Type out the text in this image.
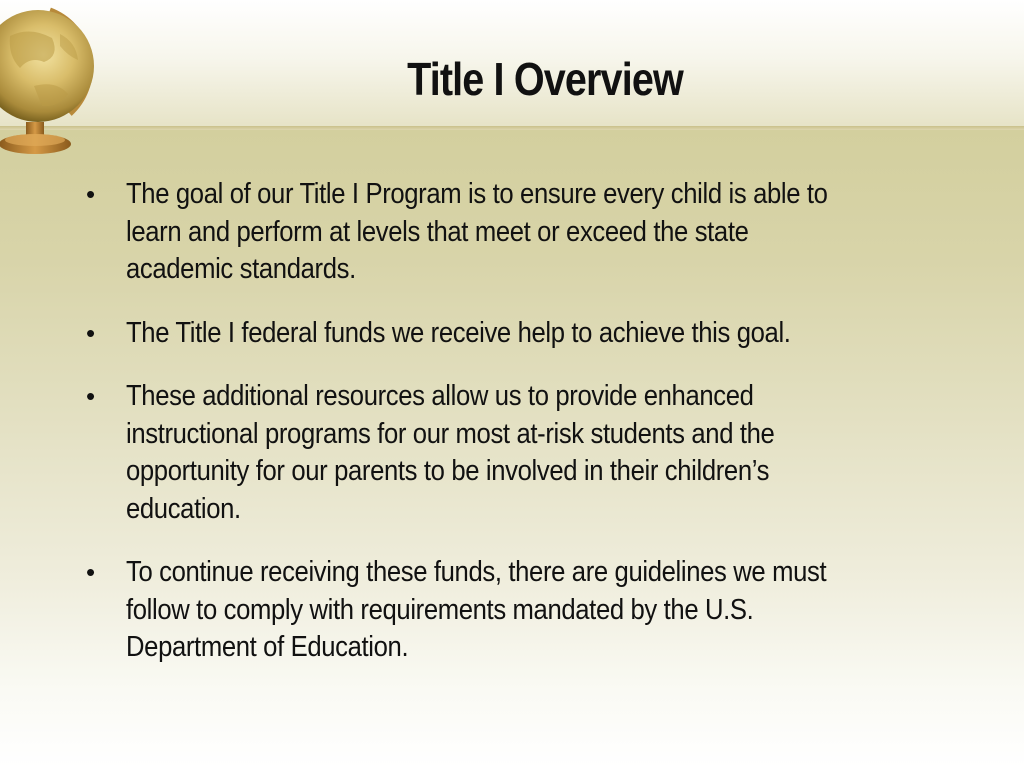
Title I Overview
•	The goal of our Title I Program is to ensure every child is able to learn and perform at levels that meet or exceed the state academic standards.
•	The Title I federal funds we receive help to achieve this goal.
•	These additional resources allow us to provide enhanced instructional programs for our most at-risk students and the opportunity for our parents to be involved in their children’s education.
•	To continue receiving these funds, there are guidelines we must follow to comply with requirements mandated by the U.S. Department of Education.
